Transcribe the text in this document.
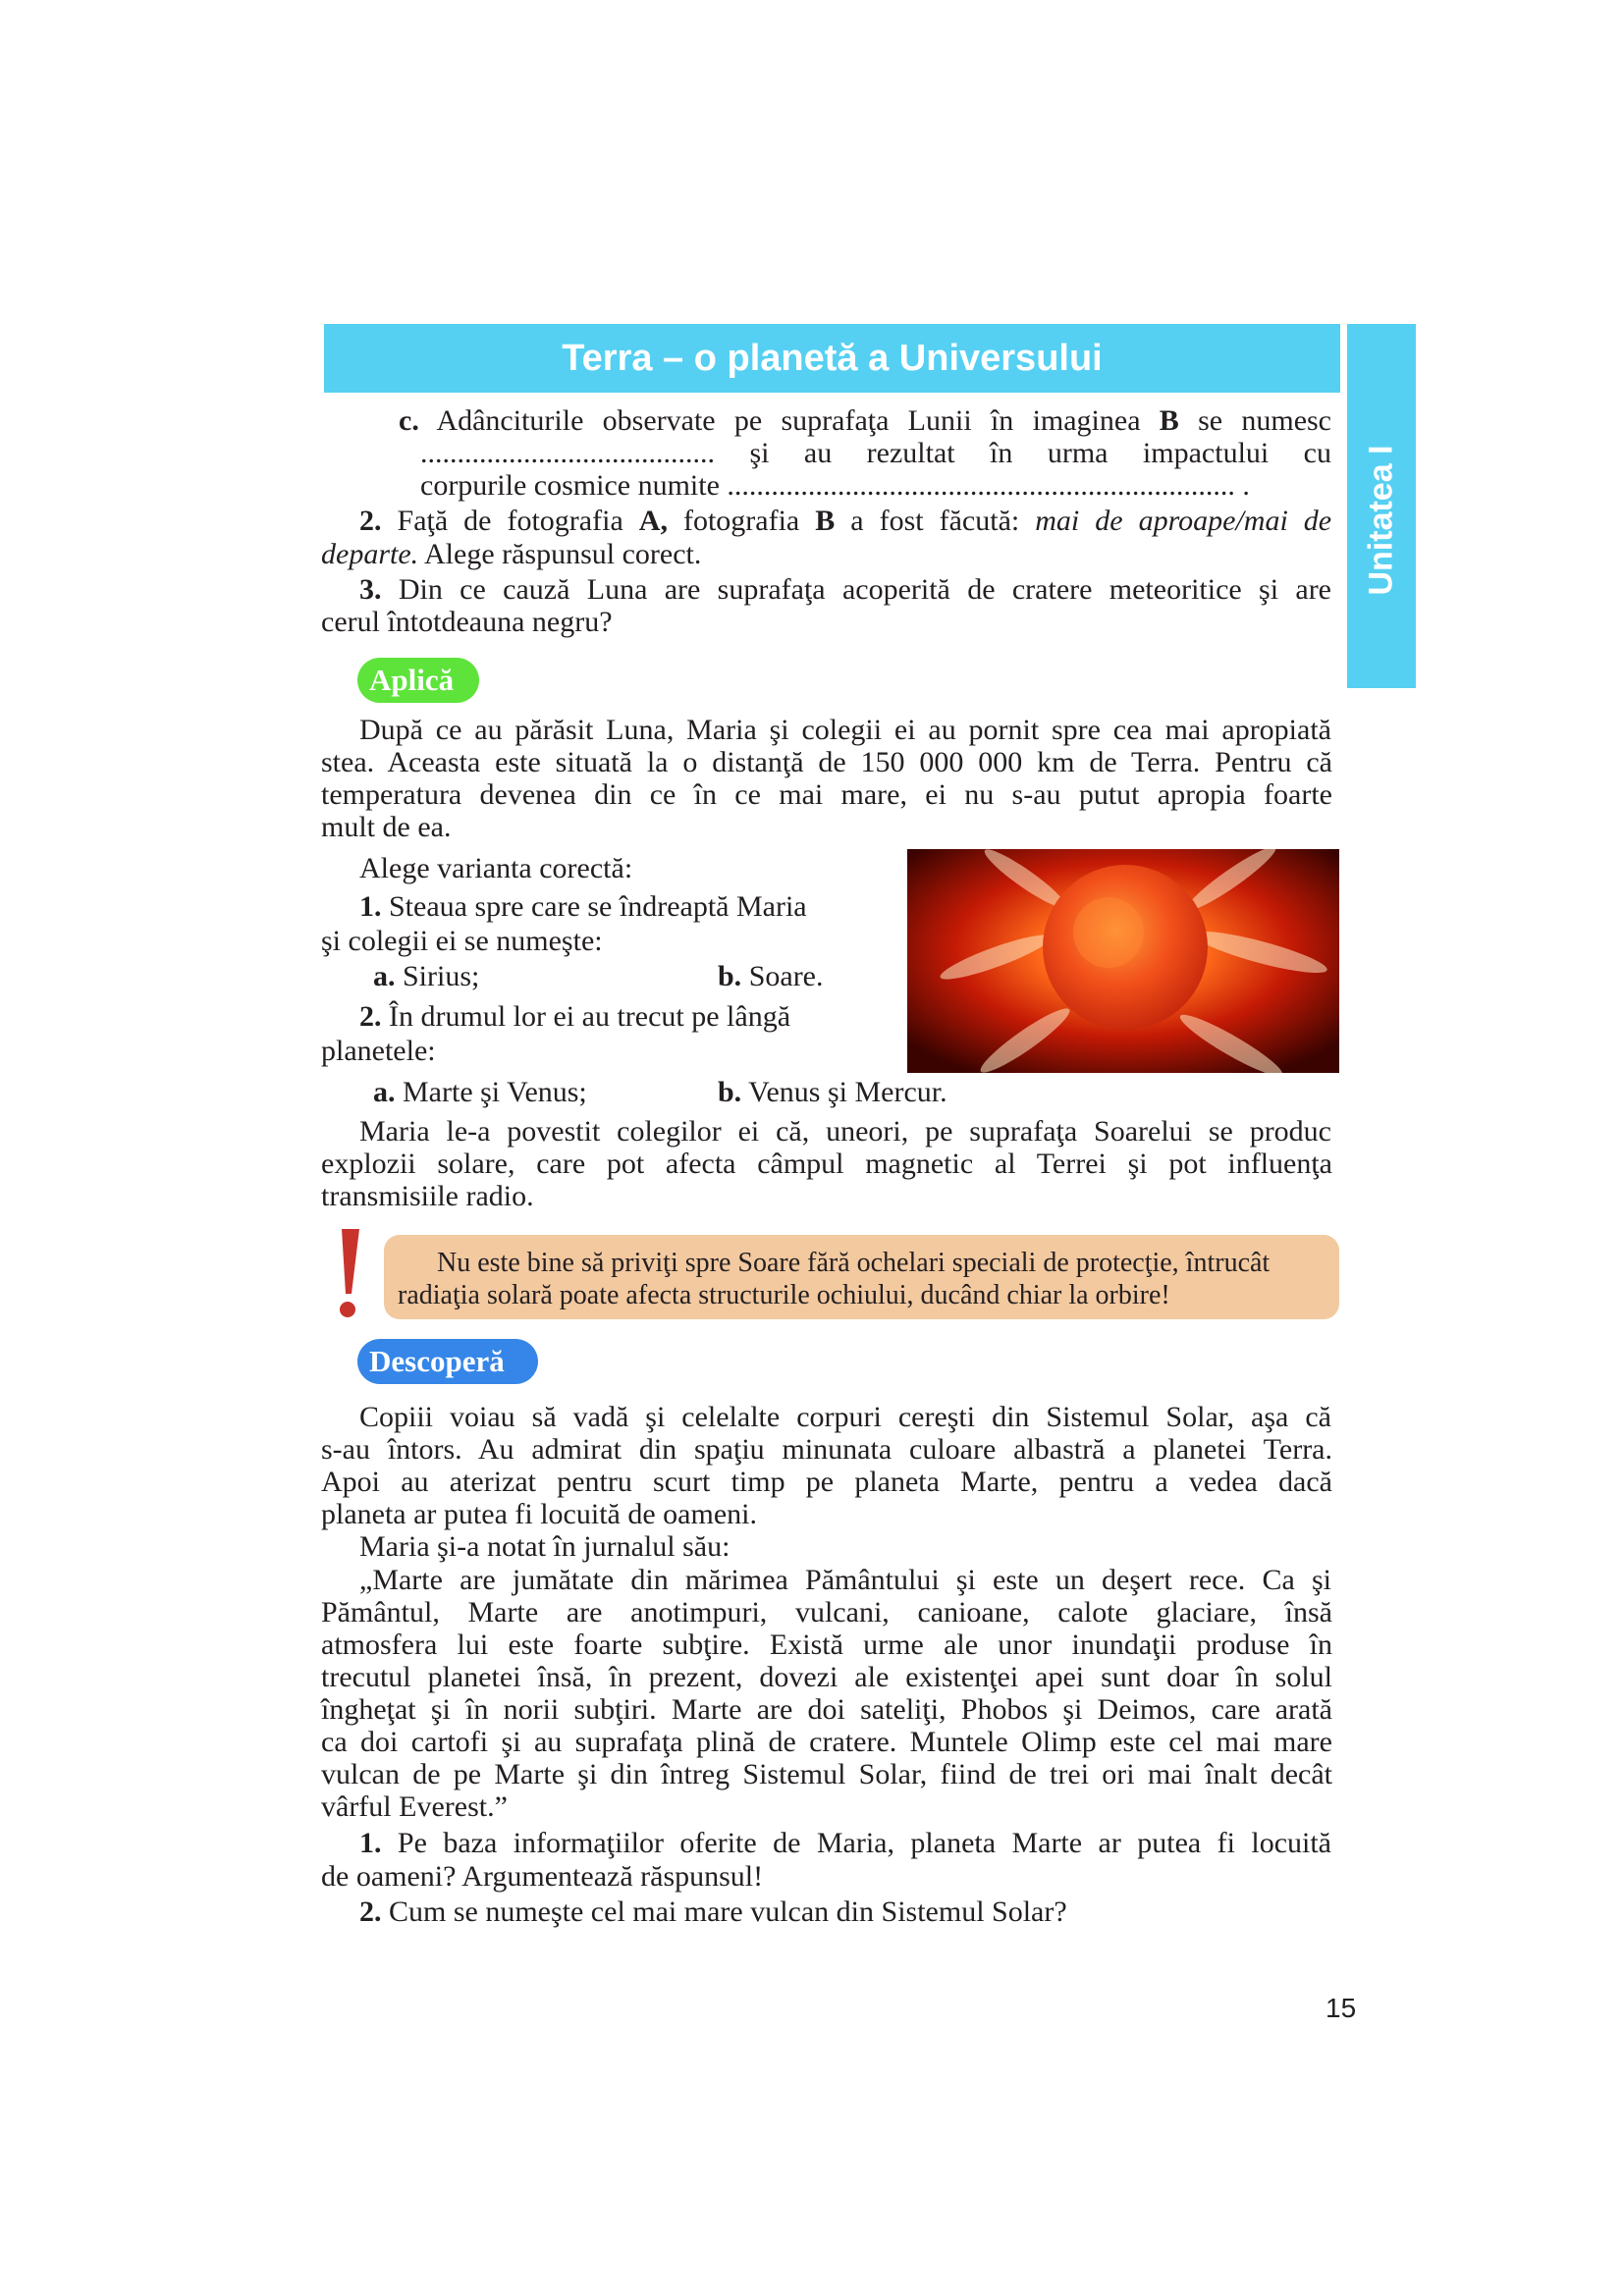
Terra – o planetă a Universului
Unitatea I

c. Adânciturile observate pe suprafaţa Lunii în imaginea B se numesc

........................................ şi au rezultat în urma impactului cu

corpurile cosmice numite ..................................................................... .

2. Faţă de fotografia A, fotografia B a fost făcută: mai de aproape/mai de

departe. Alege răspunsul corect.

3. Din ce cauză Luna are suprafaţa acoperită de cratere meteoritice şi are

cerul întotdeauna negru?

Aplică

După ce au părăsit Luna, Maria şi colegii ei au pornit spre cea mai apropiată

stea. Aceasta este situată la o distanţă de 150 000 000 km de Terra. Pentru că

temperatura devenea din ce în ce mai mare, ei nu s-au putut apropia foarte

mult de ea.

Alege varianta corectă:

1. Steaua spre care se îndreaptă Maria

şi colegii ei se numeşte:

a. Sirius;	b. Soare.

2. În drumul lor ei au trecut pe lângă

planetele:

a. Marte şi Venus;	b. Venus şi Mercur.

Maria le-a povestit colegilor ei că, uneori, pe suprafaţa Soarelui se produc

explozii solare, care pot afecta câmpul magnetic al Terrei şi pot influenţa

transmisiile radio.

Nu este bine să priviţi spre Soare fără ochelari speciali de protecţie, întrucât
radiaţia solară poate afecta structurile ochiului, ducând chiar la orbire!
Descoperă

Copiii voiau să vadă şi celelalte corpuri cereşti din Sistemul Solar, aşa că

s-au întors. Au admirat din spaţiu minunata culoare albastră a planetei Terra.

Apoi au aterizat pentru scurt timp pe planeta Marte, pentru a vedea dacă

planeta ar putea fi locuită de oameni.

Maria şi-a notat în jurnalul său:

„Marte are jumătate din mărimea Pământului şi este un deşert rece. Ca şi

Pământul, Marte are anotimpuri, vulcani, canioane, calote glaciare, însă

atmosfera lui este foarte subţire. Există urme ale unor inundaţii produse în

trecutul planetei însă, în prezent, dovezi ale existenţei apei sunt doar în solul

îngheţat şi în norii subţiri. Marte are doi sateliţi, Phobos şi Deimos, care arată

ca doi cartofi şi au suprafaţa plină de cratere. Muntele Olimp este cel mai mare

vulcan de pe Marte şi din întreg Sistemul Solar, fiind de trei ori mai înalt decât

vârful Everest.”

1. Pe baza informaţiilor oferite de Maria, planeta Marte ar putea fi locuită

de oameni? Argumentează răspunsul!

2. Cum se numeşte cel mai mare vulcan din Sistemul Solar?

15
